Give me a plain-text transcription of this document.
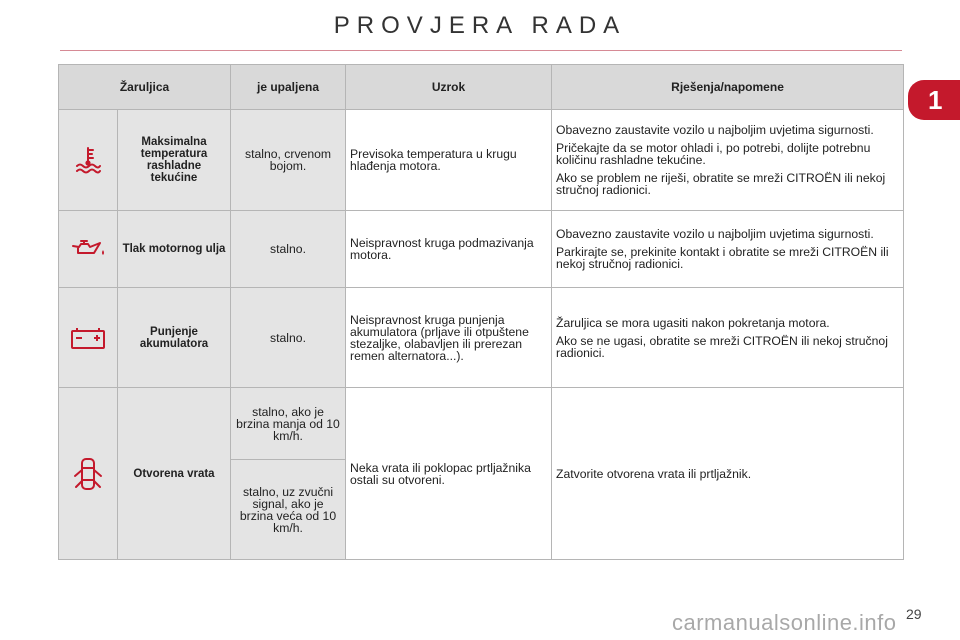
PROVJERA RADA
1
Žaruljica		je upaljena	Uzrok	Rješenja/napomene

	Maksimalna temperatura rashladne tekućine	stalno, crvenom bojom.	Previsoka temperatura u krugu hlađenja motora.	Obavezno zaustavite vozilo u najboljim uvjetima sigurnosti.

Pričekajte da se motor ohladi i, po potrebi, dolijte potrebnu količinu rashladne tekućine.

Ako se problem ne riješi, obratite se mreži CITROËN ili nekoj stručnoj radionici.

	Tlak motornog ulja	stalno.	Neispravnost kruga podmazivanja motora.	Obavezno zaustavite vozilo u najboljim uvjetima sigurnosti.

Parkirajte se, prekinite kontakt i obratite se mreži CITROËN ili nekoj stručnoj radionici.

	Punjenje akumulatora	stalno.	Neispravnost kruga punjenja akumulatora (prljave ili otpuštene stezaljke, olabavljen ili prerezan remen alternatora...).	Žaruljica se mora ugasiti nakon pokretanja motora.

Ako se ne ugasi, obratite se mreži CITROËN ili nekoj stručnoj radionici.

	Otvorena vrata	stalno, ako je brzina manja od 10 km/h.	Neka vrata ili poklopac prtljažnika ostali su otvoreni.	Zatvorite otvorena vrata ili prtljažnik.

		stalno, uz zvučni signal, ako je brzina veća od 10 km/h.		
29
carmanualsonline.info
